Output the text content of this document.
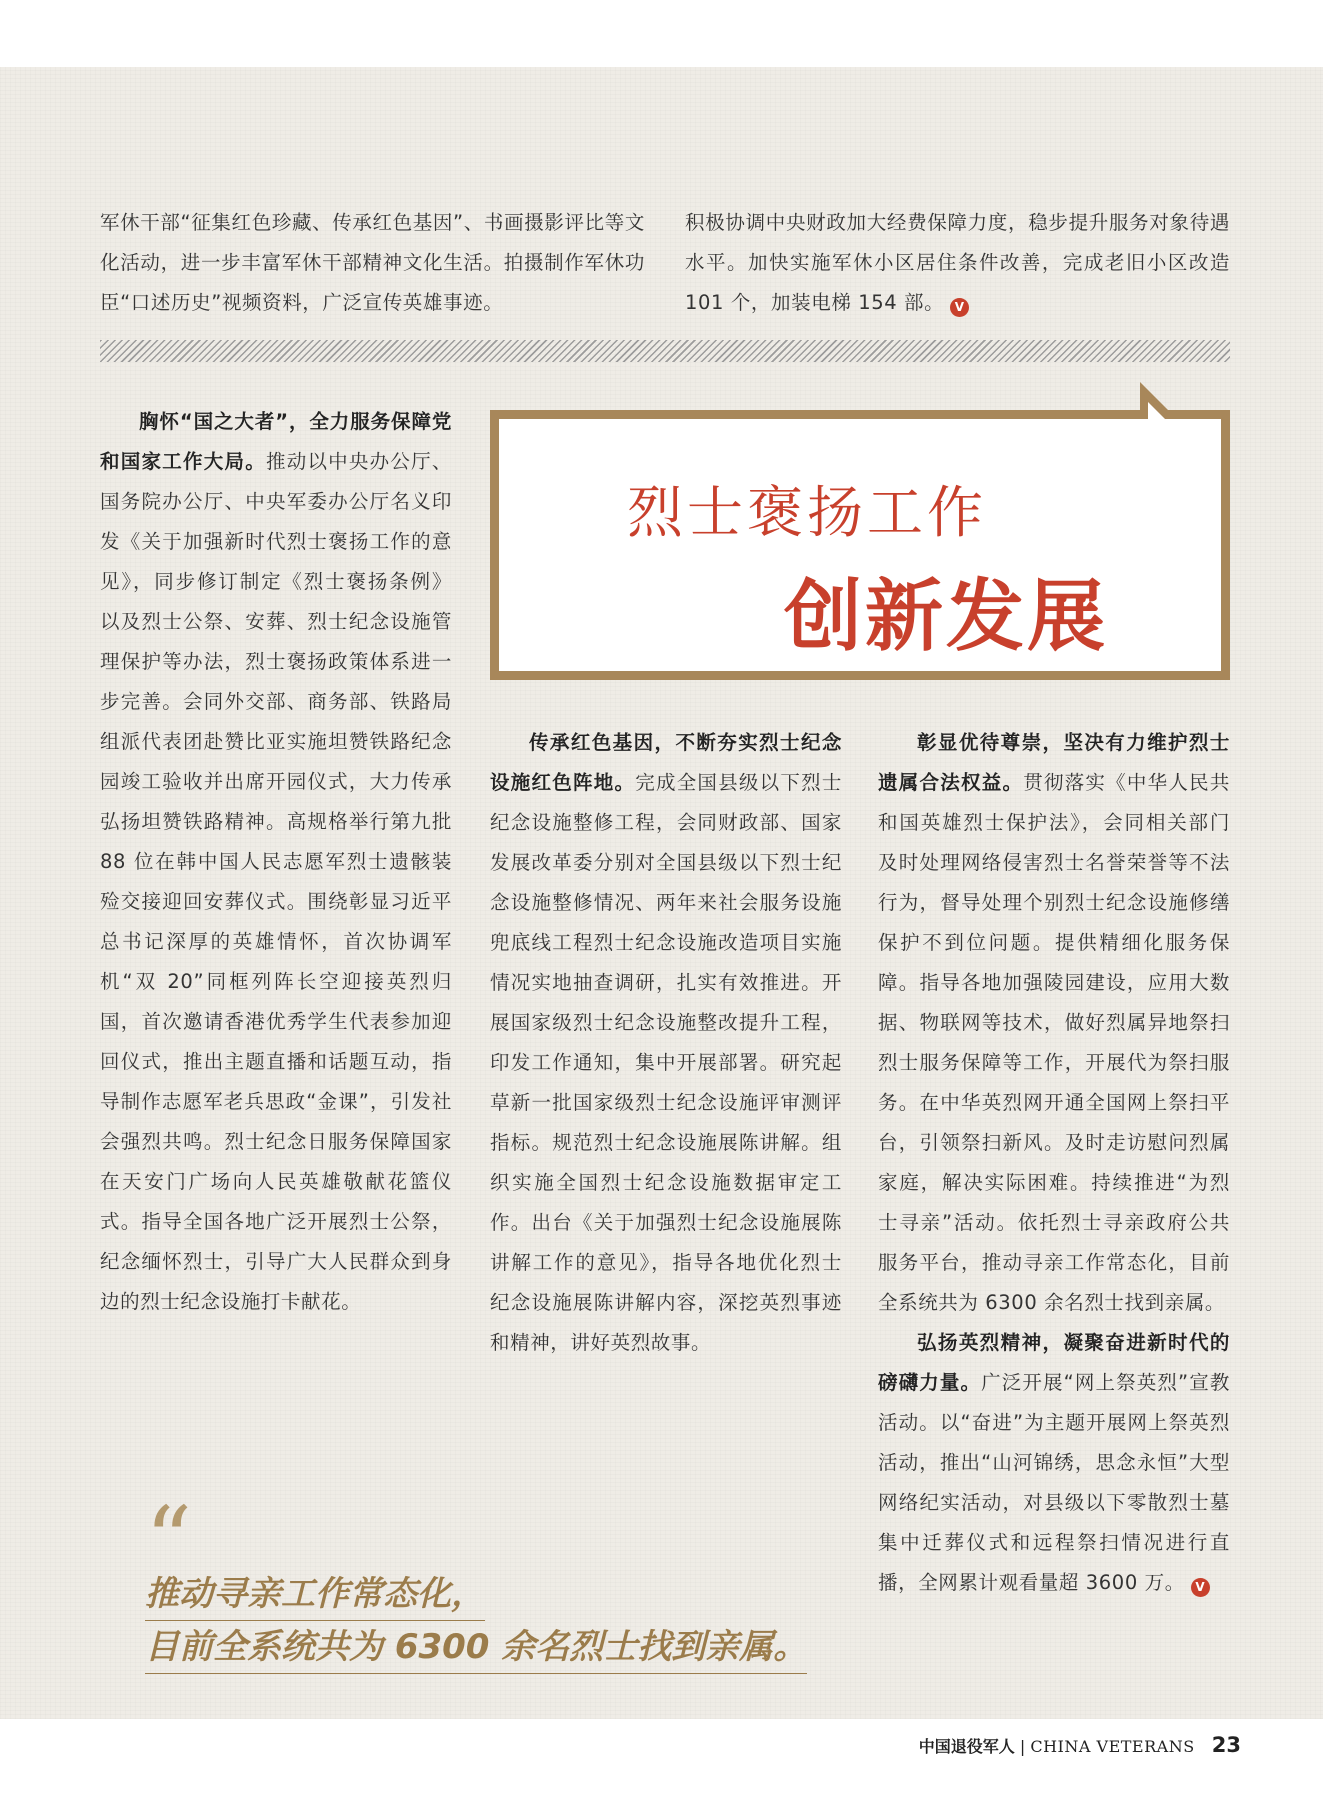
军休干部“征集红色珍藏、传承红色基因”、书画摄影评比等文化活动，进一步丰富军休干部精神文化生活。拍摄制作军休功臣“口述历史”视频资料，广泛宣传英雄事迹。

积极协调中央财政加大经费保障力度，稳步提升服务对象待遇水平。加快实施军休小区居住条件改善，完成老旧小区改造 101 个，加装电梯 154 部。 V

烈士褒扬工作
创新发展

胸怀“国之大者”，全力服务保障党和国家工作大局。推动以中央办公厅、国务院办公厅、中央军委办公厅名义印发《关于加强新时代烈士褒扬工作的意见》，同步修订制定《烈士褒扬条例》以及烈士公祭、安葬、烈士纪念设施管理保护等办法，烈士褒扬政策体系进一步完善。会同外交部、商务部、铁路局组派代表团赴赞比亚实施坦赞铁路纪念园竣工验收并出席开园仪式，大力传承弘扬坦赞铁路精神。高规格举行第九批 88 位在韩中国人民志愿军烈士遗骸装殓交接迎回安葬仪式。围绕彰显习近平总书记深厚的英雄情怀，首次协调军机“双 20”同框列阵长空迎接英烈归国，首次邀请香港优秀学生代表参加迎回仪式，推出主题直播和话题互动，指导制作志愿军老兵思政“金课”，引发社会强烈共鸣。烈士纪念日服务保障国家在天安门广场向人民英雄敬献花篮仪式。指导全国各地广泛开展烈士公祭，纪念缅怀烈士，引导广大人民群众到身边的烈士纪念设施打卡献花。

传承红色基因，不断夯实烈士纪念设施红色阵地。完成全国县级以下烈士纪念设施整修工程，会同财政部、国家发展改革委分别对全国县级以下烈士纪念设施整修情况、两年来社会服务设施兜底线工程烈士纪念设施改造项目实施情况实地抽查调研，扎实有效推进。开展国家级烈士纪念设施整改提升工程，印发工作通知，集中开展部署。研究起草新一批国家级烈士纪念设施评审测评指标。规范烈士纪念设施展陈讲解。组织实施全国烈士纪念设施数据审定工作。出台《关于加强烈士纪念设施展陈讲解工作的意见》，指导各地优化烈士纪念设施展陈讲解内容，深挖英烈事迹和精神，讲好英烈故事。

彰显优待尊崇，坚决有力维护烈士遗属合法权益。贯彻落实《中华人民共和国英雄烈士保护法》，会同相关部门及时处理网络侵害烈士名誉荣誉等不法行为，督导处理个别烈士纪念设施修缮保护不到位问题。提供精细化服务保障。指导各地加强陵园建设，应用大数据、物联网等技术，做好烈属异地祭扫烈士服务保障等工作，开展代为祭扫服务。在中华英烈网开通全国网上祭扫平台，引领祭扫新风。及时走访慰问烈属家庭，解决实际困难。持续推进“为烈士寻亲”活动。依托烈士寻亲政府公共服务平台，推动寻亲工作常态化，目前全系统共为 6300 余名烈士找到亲属。

弘扬英烈精神，凝聚奋进新时代的磅礴力量。广泛开展“网上祭英烈”宣教活动。以“奋进”为主题开展网上祭英烈活动，推出“山河锦绣，思念永恒”大型网络纪实活动，对县级以下零散烈士墓集中迁葬仪式和远程祭扫情况进行直播，全网累计观看量超 3600 万。 V

“
推动寻亲工作常态化，
目前全系统共为 6300 余名烈士找到亲属。
中国退役军人 | CHINA VETERANS 23
